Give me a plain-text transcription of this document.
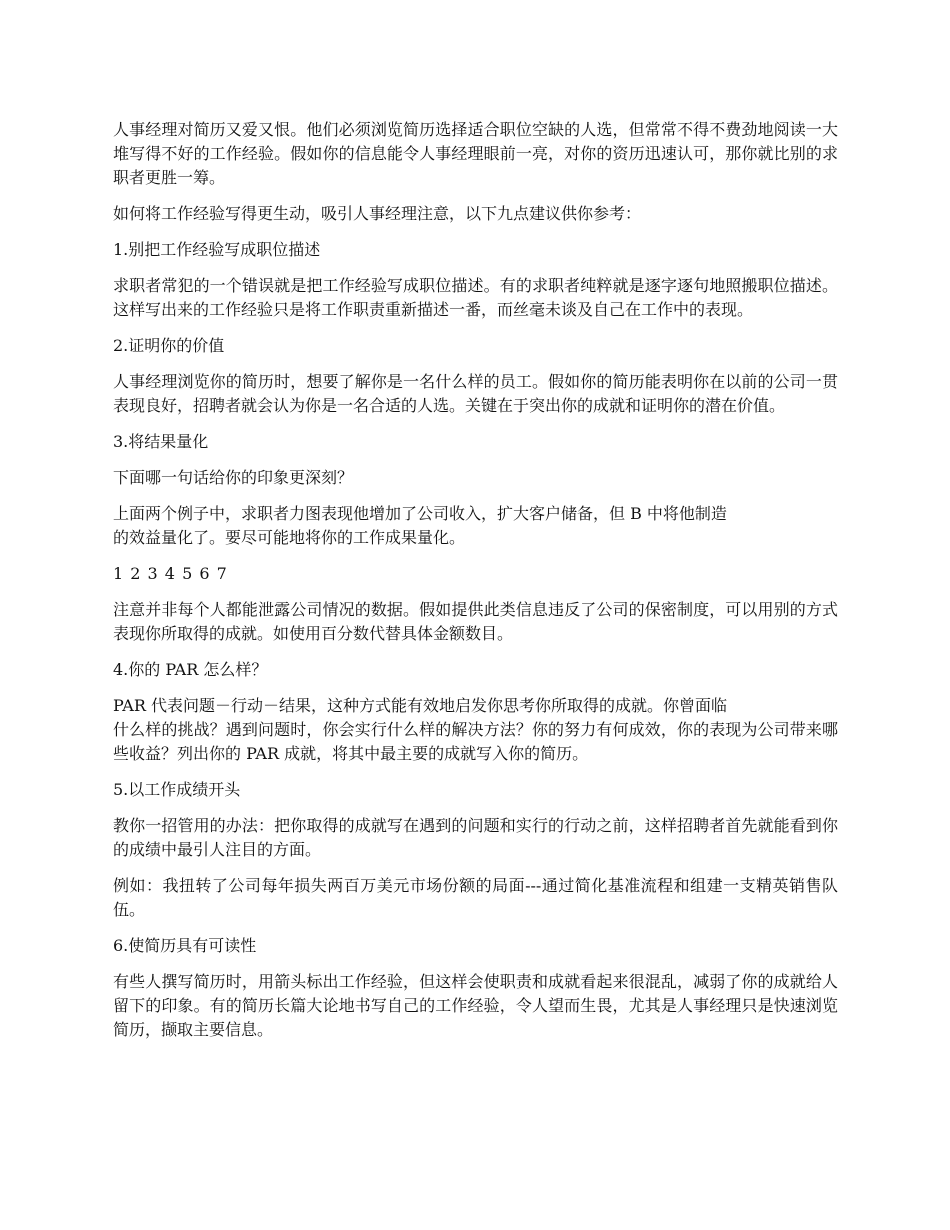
人事经理对简历又爱又恨。他们必须浏览简历选择适合职位空缺的人选，但常常不得不费劲地阅读一大堆写得不好的工作经验。假如你的信息能令人事经理眼前一亮，对你的资历迅速认可，那你就比别的求职者更胜一筹。

如何将工作经验写得更生动，吸引人事经理注意，以下九点建议供你参考：

1.别把工作经验写成职位描述

求职者常犯的一个错误就是把工作经验写成职位描述。有的求职者纯粹就是逐字逐句地照搬职位描述。这样写出来的工作经验只是将工作职责重新描述一番，而丝毫未谈及自己在工作中的表现。

2.证明你的价值

人事经理浏览你的简历时，想要了解你是一名什么样的员工。假如你的简历能表明你在以前的公司一贯表现良好，招聘者就会认为你是一名合适的人选。关键在于突出你的成就和证明你的潜在价值。

3.将结果量化

下面哪一句话给你的印象更深刻？

上面两个例子中，求职者力图表现他增加了公司收入，扩大客户储备，但 B 中将他制造
的效益量化了。要尽可能地将你的工作成果量化。

1 2 3 4 5 6 7

注意并非每个人都能泄露公司情况的数据。假如提供此类信息违反了公司的保密制度，可以用别的方式表现你所取得的成就。如使用百分数代替具体金额数目。

4.你的 PAR 怎么样？

PAR 代表问题－行动－结果，这种方式能有效地启发你思考你所取得的成就。你曾面临
什么样的挑战？遇到问题时，你会实行什么样的解决方法？你的努力有何成效，你的表现为公司带来哪些收益？列出你的 PAR 成就，将其中最主要的成就写入你的简历。

5.以工作成绩开头

教你一招管用的办法：把你取得的成就写在遇到的问题和实行的行动之前，这样招聘者首先就能看到你的成绩中最引人注目的方面。

例如：我扭转了公司每年损失两百万美元市场份额的局面---通过简化基准流程和组建一支精英销售队伍。

6.使简历具有可读性

有些人撰写简历时，用箭头标出工作经验，但这样会使职责和成就看起来很混乱，减弱了你的成就给人留下的印象。有的简历长篇大论地书写自己的工作经验，令人望而生畏，尤其是人事经理只是快速浏览简历，撷取主要信息。
